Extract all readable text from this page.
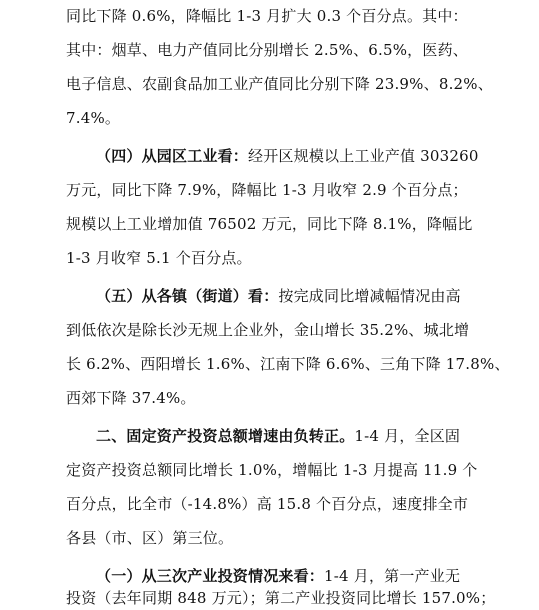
同比下降 0.6%，降幅比 1-3 月扩大 0.3 个百分点。其中：
其中：烟草、电力产值同比分别增长 2.5%、6.5%，医药、
电子信息、农副食品加工业产值同比分别下降 23.9%、8.2%、
7.4%。
（四）从园区工业看：经开区规模以上工业产值 303260
万元，同比下降 7.9%，降幅比 1-3 月收窄 2.9 个百分点；
规模以上工业增加值 76502 万元，同比下降 8.1%，降幅比
1-3 月收窄 5.1 个百分点。
（五）从各镇（街道）看：按完成同比增减幅情况由高
到低依次是除长沙无规上企业外，金山增长 35.2%、城北增
长 6.2%、西阳增长 1.6%、江南下降 6.6%、三角下降 17.8%、
西郊下降 37.4%。
二、固定资产投资总额增速由负转正。1-4 月，全区固
定资产投资总额同比增长 1.0%，增幅比 1-3 月提高 11.9 个
百分点，比全市（-14.8%）高 15.8 个百分点，速度排全市
各县（市、区）第三位。
（一）从三次产业投资情况来看：1-4 月，第一产业无
投资（去年同期 848 万元）；第二产业投资同比增长 157.0%；
